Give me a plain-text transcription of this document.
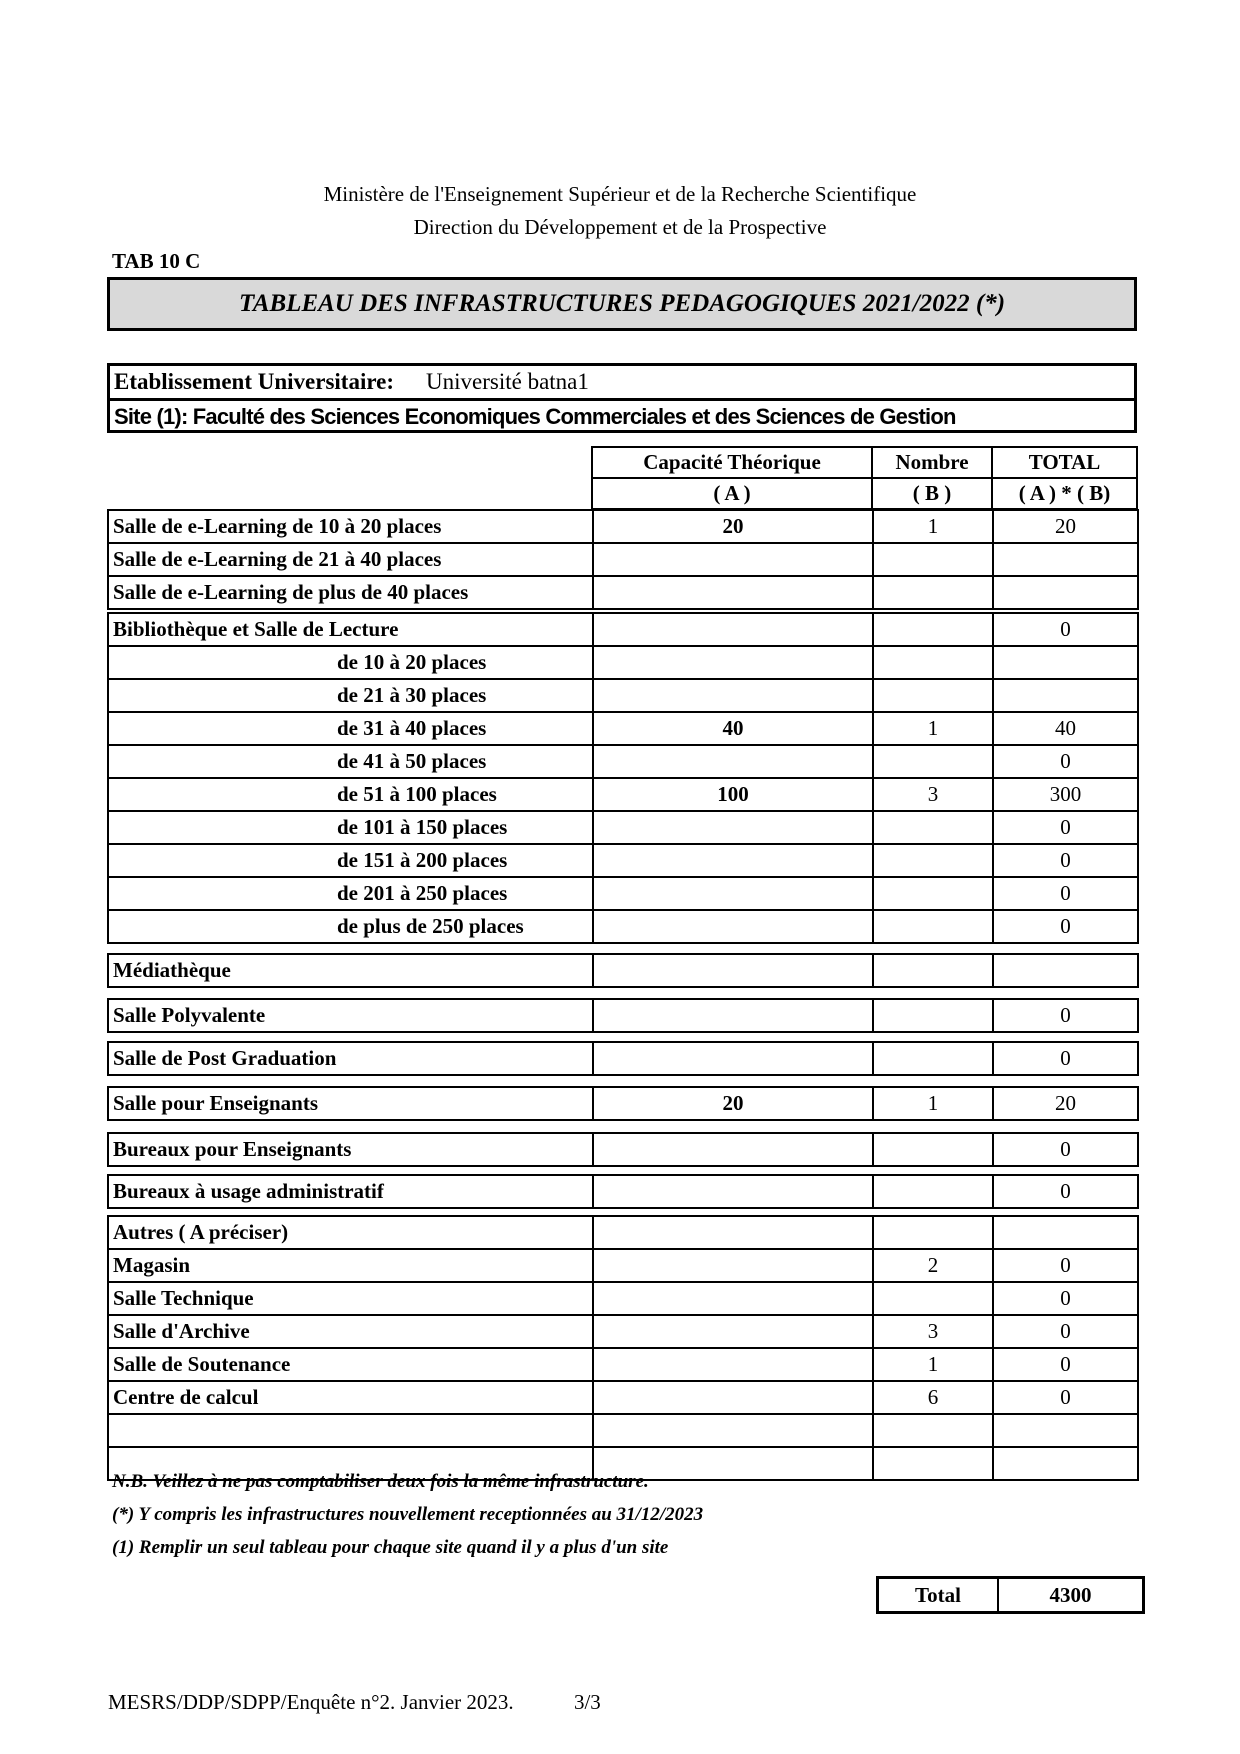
Ministère de l'Enseignement Supérieur et de la Recherche Scientifique
Direction du Développement et de la Prospective
TAB 10 C
TABLEAU DES INFRASTRUCTURES PEDAGOGIQUES 2021/2022 (*)
Etablissement Universitaire: Université batna1
Site (1): Faculté des Sciences Economiques Commerciales et des Sciences de Gestion
	Capacité Théorique	Nombre	TOTAL
	( A )	( B )	( A ) * ( B)
Salle de e-Learning de 10 à 20 places	20	1	20
Salle de e-Learning de 21 à 40 places			
Salle de e-Learning de plus de 40 places			
Bibliothèque et Salle de Lecture			0
de 10 à 20 places			
de 21 à 30 places			
de 31 à 40 places	40	1	40
de 41 à 50 places			0
de 51 à 100 places	100	3	300
de 101 à 150 places			0
de 151 à 200 places			0
de 201 à 250 places			0
de plus de 250 places			0
Médiathèque			
Salle Polyvalente			0
Salle de Post Graduation			0
Salle pour Enseignants	20	1	20
Bureaux pour Enseignants			0
Bureaux à usage administratif			0
Autres ( A préciser)			
Magasin		2	0
Salle Technique			0
Salle d'Archive		3	0
Salle de Soutenance		1	0
Centre de calcul		6	0

N.B. Veillez à ne pas comptabiliser deux fois la même infrastructure.
(*) Y compris les infrastructures nouvellement receptionnées au 31/12/2023
(1) Remplir un seul tableau pour chaque site quand il y a plus d'un site
Total	4300
MESRS/DDP/SDPP/Enquête n°2. Janvier 2023.	3/3
